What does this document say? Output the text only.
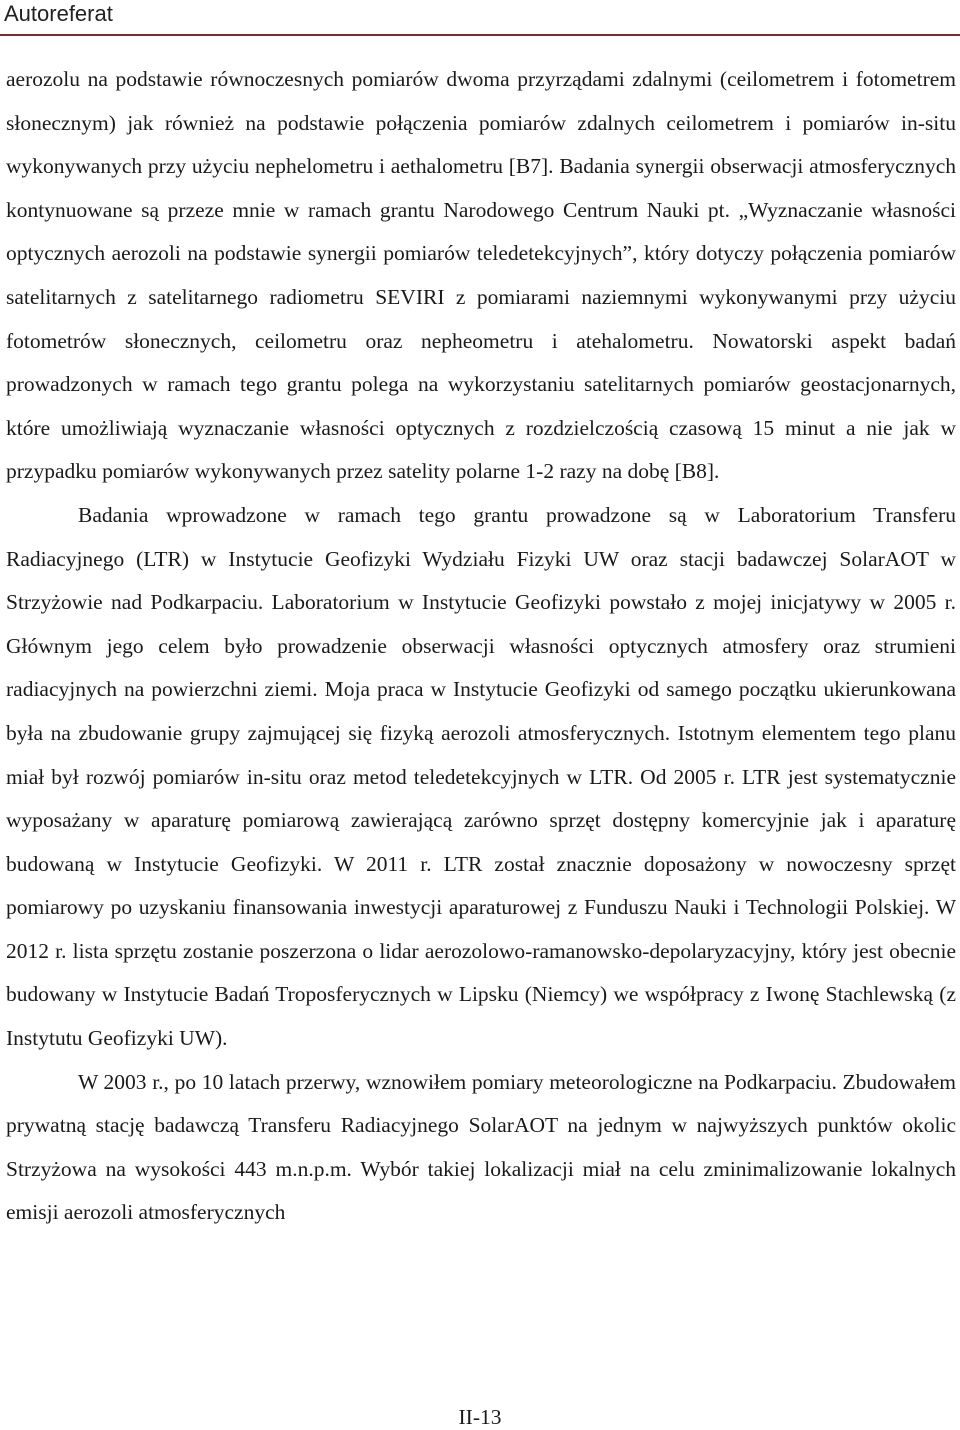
Autoreferat

aerozolu na podstawie równoczesnych pomiarów dwoma przyrządami zdalnymi (ceilometrem i fotometrem słonecznym) jak również na podstawie połączenia pomiarów zdalnych ceilometrem i pomiarów in-situ wykonywanych przy użyciu nephelometru i aethalometru [B7]. Badania synergii obserwacji atmosferycznych kontynuowane są przeze mnie w ramach grantu Narodowego Centrum Nauki pt. „Wyznaczanie własności optycznych aerozoli na podstawie synergii pomiarów teledetekcyjnych”, który dotyczy połączenia pomiarów satelitarnych z satelitarnego radiometru SEVIRI z pomiarami naziemnymi wykonywanymi przy użyciu fotometrów słonecznych, ceilometru oraz nepheometru i atehalometru. Nowatorski aspekt badań prowadzonych w ramach tego grantu polega na wykorzystaniu satelitarnych pomiarów geostacjonarnych, które umożliwiają wyznaczanie własności optycznych z rozdzielczością czasową 15 minut a nie jak w przypadku pomiarów wykonywanych przez satelity polarne 1-2 razy na dobę [B8].

Badania wprowadzone w ramach tego grantu prowadzone są w Laboratorium Transferu Radiacyjnego (LTR) w Instytucie Geofizyki Wydziału Fizyki UW oraz stacji badawczej SolarAOT w Strzyżowie nad Podkarpaciu. Laboratorium w Instytucie Geofizyki powstało z mojej inicjatywy w 2005 r. Głównym jego celem było prowadzenie obserwacji własności optycznych atmosfery oraz strumieni radiacyjnych na powierzchni ziemi. Moja praca w Instytucie Geofizyki od samego początku ukierunkowana była na zbudowanie grupy zajmującej się fizyką aerozoli atmosferycznych. Istotnym elementem tego planu miał był rozwój pomiarów in-situ oraz metod teledetekcyjnych w LTR. Od 2005 r. LTR jest systematycznie wyposażany w aparaturę pomiarową zawierającą zarówno sprzęt dostępny komercyjnie jak i aparaturę budowaną w Instytucie Geofizyki. W 2011 r. LTR został znacznie doposażony w nowoczesny sprzęt pomiarowy po uzyskaniu finansowania inwestycji aparaturowej z Funduszu Nauki i Technologii Polskiej. W 2012 r. lista sprzętu zostanie poszerzona o lidar aerozolowo-ramanowsko-depolaryzacyjny, który jest obecnie budowany w Instytucie Badań Troposferycznych w Lipsku (Niemcy) we współpracy z Iwonę Stachlewską (z Instytutu Geofizyki UW).

W 2003 r., po 10 latach przerwy, wznowiłem pomiary meteorologiczne na Podkarpaciu. Zbudowałem prywatną stację badawczą Transferu Radiacyjnego SolarAOT na jednym w najwyższych punktów okolic Strzyżowa na wysokości 443 m.n.p.m. Wybór takiej lokalizacji miał na celu zminimalizowanie lokalnych emisji aerozoli atmosferycznych

II-13
